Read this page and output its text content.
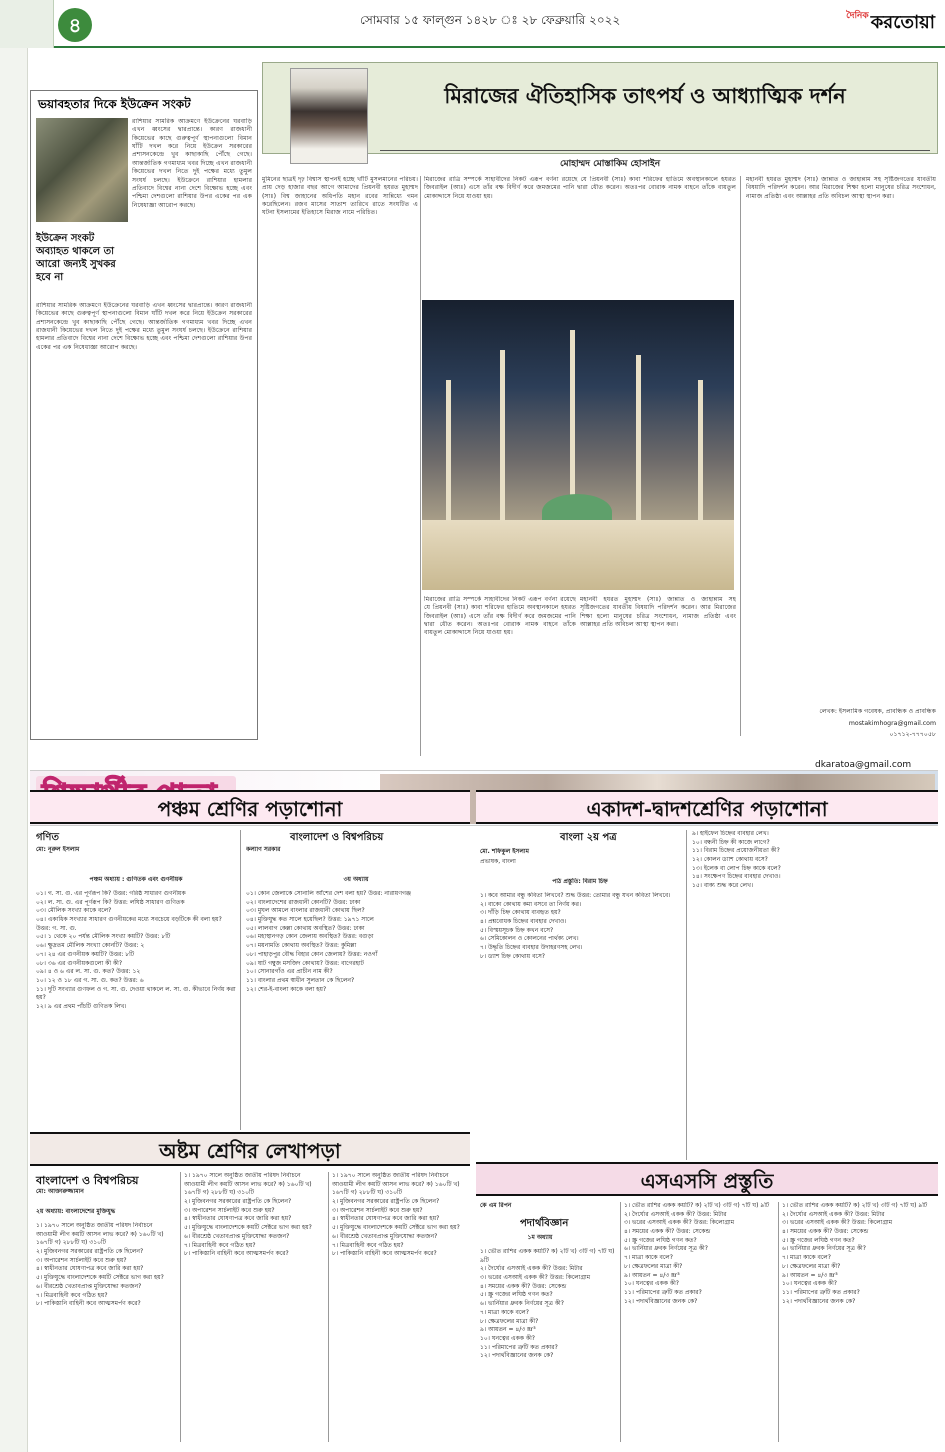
৪	সোমবার ১৫ ফাল্গুন ১৪২৮ ঃ ২৮ ফেব্রুয়ারি ২০২২	$^{দৈনিক}$ করতোয়া
ভয়াবহতার দিকে ইউক্রেন সংকট
ইউক্রেন সংকট অব্যাহত থাকলে তা আরো জন্যই সুখকর হবে না
রাশিয়ার সামরিক আক্রমণে ইউক্রেনের ঘরবাড়ি এখন ধ্বংসের দ্বারপ্রান্তে। কারণ রাজধানী কিয়েভের কাছে গুরুত্বপূর্ণ স্থাপনাগুলো বিমান ঘাঁটি দখল করে নিয়ে ইউক্রেন সরকারের প্রশাসনকেন্দ্রে খুব কাছাকাছি পৌঁছে গেছে। আন্তর্জাতিক গণমাধ্যম খবর দিচ্ছে এখন রাজধানী কিয়েভের দখল নিতে দুই পক্ষের মধ্যে তুমুল সংঘর্ষ চলছে। ইউক্রেনে রাশিয়ার হামলার প্রতিবাদে বিশ্বের নানা দেশে বিক্ষোভ হচ্ছে এবং পশ্চিমা দেশগুলো রাশিয়ার উপর একের পর এক নিষেধাজ্ঞা আরোপ করছে।
রাশিয়ার সামরিক আক্রমণে ইউক্রেনের ঘরবাড়ি এখন ধ্বংসের দ্বারপ্রান্তে। কারণ রাজধানী কিয়েভের কাছে গুরুত্বপূর্ণ স্থাপনাগুলো বিমান ঘাঁটি দখল করে নিয়ে ইউক্রেন সরকারের প্রশাসনকেন্দ্রে খুব কাছাকাছি পৌঁছে গেছে। আন্তর্জাতিক গণমাধ্যম খবর দিচ্ছে এখন রাজধানী কিয়েভের দখল নিতে দুই পক্ষের মধ্যে তুমুল সংঘর্ষ চলছে। ইউক্রেনে রাশিয়ার হামলার প্রতিবাদে বিশ্বের নানা দেশে বিক্ষোভ হচ্ছে এবং পশ্চিমা দেশগুলো রাশিয়ার উপর একের পর এক নিষেধাজ্ঞা আরোপ করছে।
মিরাজের ঐতিহাসিক তাৎপর্য ও আধ্যাত্মিক দর্শন
মোহাম্মদ মোস্তাকিম হোসাইন
মুমিনের ছাত্রই দৃঢ় বিশ্বাস স্থাপনই হচ্ছে খাঁটি মুসলমানের পরিচয়। প্রায় দেড় হাজার বছর আগে আমাদের প্রিয়নবী হযরত মুহাম্মদ (সাঃ) বিশ্ব জাহানের অধিপতি মহান রবের সান্নিধ্যে গমন করেছিলেন। রজব মাসের সাতাশ তারিখে রাতে সংঘটিত এ ঘটনা ইসলামের ইতিহাসে মিরাজ নামে পরিচিত।
মিরাজের রাত্রি সম্পর্কে সাহাবীদের নিকট এরূপ বর্ণনা রয়েছে যে প্রিয়নবী (সাঃ) কাবা শরিফের হাতিমে অবস্থানকালে হযরত জিবরাইল (আঃ) এসে তাঁর বক্ষ বিদীর্ণ করে জমজমের পানি দ্বারা ধৌত করেন। অতঃপর বোরাক নামক বাহনে তাঁকে বায়তুল মোকাদ্দাসে নিয়ে যাওয়া হয়।
মিরাজের রাত্রি সম্পর্কে সাহাবীদের নিকট এরূপ বর্ণনা রয়েছে যে প্রিয়নবী (সাঃ) কাবা শরিফের হাতিমে অবস্থানকালে হযরত জিবরাইল (আঃ) এসে তাঁর বক্ষ বিদীর্ণ করে জমজমের পানি দ্বারা ধৌত করেন। অতঃপর বোরাক নামক বাহনে তাঁকে বায়তুল মোকাদ্দাসে নিয়ে যাওয়া হয়।
মহানবী হযরত মুহাম্মদ (সাঃ) জান্নাত ও জাহান্নাম সহ সৃষ্টিজগতের যাবতীয় বিষয়াদি পরিদর্শন করেন। আর মিরাজের শিক্ষা হলো মানুষের চরিত্র সংশোধন, নামাজ প্রতিষ্ঠা এবং আল্লাহর প্রতি অবিচল আস্থা স্থাপন করা।
মহানবী হযরত মুহাম্মদ (সাঃ) জান্নাত ও জাহান্নাম সহ সৃষ্টিজগতের যাবতীয় বিষয়াদি পরিদর্শন করেন। আর মিরাজের শিক্ষা হলো মানুষের চরিত্র সংশোধন, নামাজ প্রতিষ্ঠা এবং আল্লাহর প্রতি অবিচল আস্থা স্থাপন করা।
লেখক: ইসলামিক গবেষক, প্রাবন্ধিক ও প্রাবন্ধিক
mostakimhogra@gmail.com
০১৭১২-৭৭৭০৫৮
dkaratoa@gmail.com
পঞ্চম শ্রেণির পড়াশোনা
গণিত	বাংলাদেশ ও বিশ্বপরিচয়
মো: নূরুল ইসলাম	কল্যাণ সরকার
পঞ্চম অধ্যায় : গুণিতক এবং গুণনীয়ক	৩য় অধ্যায়
০১। গ. সা. গু. এর পূর্ণরূপ কি? উত্তর: গরিষ্ঠ সাধারণ গুণনীয়ক
০২। ল. সা. গু. এর পূর্ণরূপ কি? উত্তর: লঘিষ্ঠ সাধারণ গুণিতক
০৩। মৌলিক সংখ্যা কাকে বলে?
০৪। একাধিক সংখ্যার সাধারণ গুণনীয়কের মধ্যে সবচেয়ে বড়টিকে কী বলা হয়? উত্তর: গ. সা. গু.
০৫। ১ থেকে ২০ পর্যন্ত মৌলিক সংখ্যা কয়টি? উত্তর: ৮টি
০৬। ক্ষুদ্রতম মৌলিক সংখ্যা কোনটি? উত্তর: ২
০৭। ২৪ এর গুণনীয়ক কয়টি? উত্তর: ৮টি
০৮। ৩৬ এর গুণনীয়কগুলো কী কী?
০৯। ৪ ও ৬ এর ল. সা. গু. কত? উত্তর: ১২
১০। ১২ ও ১৮ এর গ. সা. গু. কত? উত্তর: ৬
১১। দুটি সংখ্যার গুণফল ও গ. সা. গু. দেওয়া থাকলে ল. সা. গু. কীভাবে নির্ণয় করা হয়?
১২। ৯ এর প্রথম পাঁচটি গুণিতক লিখ।
০১। কোন জেলাকে সোনালি আঁশের দেশ বলা হয়? উত্তর: নারায়ণগঞ্জ
০২। বাংলাদেশের রাজধানী কোনটি? উত্তর: ঢাকা
০৩। মুঘল আমলে বাংলার রাজধানী কোথায় ছিল?
০৪। মুক্তিযুদ্ধ কত সালে হয়েছিল? উত্তর: ১৯৭১ সালে
০৫। লালবাগ কেল্লা কোথায় অবস্থিত? উত্তর: ঢাকা
০৬। মহাস্থানগড় কোন জেলায় অবস্থিত? উত্তর: বগুড়া
০৭। ময়নামতি কোথায় অবস্থিত? উত্তর: কুমিল্লা
০৮। পাহাড়পুর বৌদ্ধ বিহার কোন জেলায়? উত্তর: নওগাঁ
০৯। ষাট গম্বুজ মসজিদ কোথায়? উত্তর: বাগেরহাট
১০। সোনারগাঁও এর প্রাচীন নাম কী?
১১। বাংলার প্রথম স্বাধীন সুলতান কে ছিলেন?
১২। শের-ই-বাংলা কাকে বলা হয়?
একাদশ-দ্বাদশশ্রেণির পড়াশোনা
বাংলা ২য় পত্র
মো. শফিকুল ইসলাম
প্রভাষক, বাংলা
পাঠ প্রস্তুতি: বিরাম চিহ্ন
১। কবে আমার বন্ধু কবিতা লিখবে? শুদ্ধ উত্তর: তোমার বন্ধু যখন কবিতা লিখবে।
২। বাক্যে কোথায় কমা বসবে তা নির্ণয় কর।
৩। দাঁড়ি চিহ্ন কোথায় ব্যবহৃত হয়?
৪। প্রশ্নবোধক চিহ্নের ব্যবহার দেখাও।
৫। বিস্ময়সূচক চিহ্ন কখন বসে?
৬। সেমিকোলন ও কোলনের পার্থক্য লেখ।
৭। উদ্ধৃতি চিহ্নের ব্যবহার উদাহরণসহ লেখ।
৮। ড্যাশ চিহ্ন কোথায় বসে?
৯। হাইফেন চিহ্নের ব্যবহার লেখ।
১০। বন্ধনী চিহ্ন কী কাজে লাগে?
১১। বিরাম চিহ্নের প্রয়োজনীয়তা কী?
১২। কোলন ড্যাশ কোথায় বসে?
১৩। ইলেক বা লোপ চিহ্ন কাকে বলে?
১৪। সংক্ষেপণ চিহ্নের ব্যবহার দেখাও।
১৫। বাক্য শুদ্ধ করে লেখ।
অষ্টম শ্রেণির লেখাপড়া
বাংলাদেশ ও বিশ্বপরিচয়
মো: আক্তারুজ্জামান
২য় অধ্যায়: বাংলাদেশের মুক্তিযুদ্ধ
১। ১৯৭০ সালে অনুষ্ঠিত জাতীয় পরিষদ নির্বাচনে আওয়ামী লীগ কয়টি আসন লাভ করে? ক) ১৬০টি খ) ১৬৭টি গ) ২৮৮টি ঘ) ৩১০টি
২। মুজিবনগর সরকারের রাষ্ট্রপতি কে ছিলেন?
৩। অপারেশন সার্চলাইট কবে শুরু হয়?
৪। স্বাধীনতার ঘোষণাপত্র কবে জারি করা হয়?
৫। মুক্তিযুদ্ধে বাংলাদেশকে কয়টি সেক্টরে ভাগ করা হয়?
৬। বীরশ্রেষ্ঠ খেতাবপ্রাপ্ত মুক্তিযোদ্ধা কতজন?
৭। মিত্রবাহিনী কবে গঠিত হয়?
৮। পাকিস্তানি বাহিনী কবে আত্মসমর্পণ করে?
১। ১৯৭০ সালে অনুষ্ঠিত জাতীয় পরিষদ নির্বাচনে আওয়ামী লীগ কয়টি আসন লাভ করে? ক) ১৬০টি খ) ১৬৭টি গ) ২৮৮টি ঘ) ৩১০টি
২। মুজিবনগর সরকারের রাষ্ট্রপতি কে ছিলেন?
৩। অপারেশন সার্চলাইট কবে শুরু হয়?
৪। স্বাধীনতার ঘোষণাপত্র কবে জারি করা হয়?
৫। মুক্তিযুদ্ধে বাংলাদেশকে কয়টি সেক্টরে ভাগ করা হয়?
৬। বীরশ্রেষ্ঠ খেতাবপ্রাপ্ত মুক্তিযোদ্ধা কতজন?
৭। মিত্রবাহিনী কবে গঠিত হয়?
৮। পাকিস্তানি বাহিনী কবে আত্মসমর্পণ করে?
১। ১৯৭০ সালে অনুষ্ঠিত জাতীয় পরিষদ নির্বাচনে আওয়ামী লীগ কয়টি আসন লাভ করে? ক) ১৬০টি খ) ১৬৭টি গ) ২৮৮টি ঘ) ৩১০টি
২। মুজিবনগর সরকারের রাষ্ট্রপতি কে ছিলেন?
৩। অপারেশন সার্চলাইট কবে শুরু হয়?
৪। স্বাধীনতার ঘোষণাপত্র কবে জারি করা হয়?
৫। মুক্তিযুদ্ধে বাংলাদেশকে কয়টি সেক্টরে ভাগ করা হয়?
৬। বীরশ্রেষ্ঠ খেতাবপ্রাপ্ত মুক্তিযোদ্ধা কতজন?
৭। মিত্রবাহিনী কবে গঠিত হয়?
৮। পাকিস্তানি বাহিনী কবে আত্মসমর্পণ করে?
এসএসসি প্রস্তুতি
কে এম রিপন
পদার্থবিজ্ঞান
১ম অধ্যায়
১। ভৌত রাশির একক কয়টি? ক) ২টি খ) ৩টি গ) ৭টি ঘ) ৯টি
২। দৈর্ঘ্যের এসআই একক কী? উত্তর: মিটার
৩। ভরের এসআই একক কী? উত্তর: কিলোগ্রাম
৪। সময়ের একক কী? উত্তর: সেকেন্ড
৫। স্ক্রু গজের লঘিষ্ঠ গণন কত?
৬। ভার্নিয়ার ধ্রুবক নির্ণয়ের সূত্র কী?
৭। মাত্রা কাকে বলে?
৮। ক্ষেত্রফলের মাত্রা কী?
৯। আয়তন = ৪/৩ πr³
১০। ঘনত্বের একক কী?
১১। পরিমাপের ত্রুটি কত প্রকার?
১২। পদার্থবিজ্ঞানের জনক কে?
১। ভৌত রাশির একক কয়টি? ক) ২টি খ) ৩টি গ) ৭টি ঘ) ৯টি
২। দৈর্ঘ্যের এসআই একক কী? উত্তর: মিটার
৩। ভরের এসআই একক কী? উত্তর: কিলোগ্রাম
৪। সময়ের একক কী? উত্তর: সেকেন্ড
৫। স্ক্রু গজের লঘিষ্ঠ গণন কত?
৬। ভার্নিয়ার ধ্রুবক নির্ণয়ের সূত্র কী?
৭। মাত্রা কাকে বলে?
৮। ক্ষেত্রফলের মাত্রা কী?
৯। আয়তন = ৪/৩ πr³
১০। ঘনত্বের একক কী?
১১। পরিমাপের ত্রুটি কত প্রকার?
১২। পদার্থবিজ্ঞানের জনক কে?
১। ভৌত রাশির একক কয়টি? ক) ২টি খ) ৩টি গ) ৭টি ঘ) ৯টি
২। দৈর্ঘ্যের এসআই একক কী? উত্তর: মিটার
৩। ভরের এসআই একক কী? উত্তর: কিলোগ্রাম
৪। সময়ের একক কী? উত্তর: সেকেন্ড
৫। স্ক্রু গজের লঘিষ্ঠ গণন কত?
৬। ভার্নিয়ার ধ্রুবক নির্ণয়ের সূত্র কী?
৭। মাত্রা কাকে বলে?
৮। ক্ষেত্রফলের মাত্রা কী?
৯। আয়তন = ৪/৩ πr³
১০। ঘনত্বের একক কী?
১১। পরিমাপের ত্রুটি কত প্রকার?
১২। পদার্থবিজ্ঞানের জনক কে?
